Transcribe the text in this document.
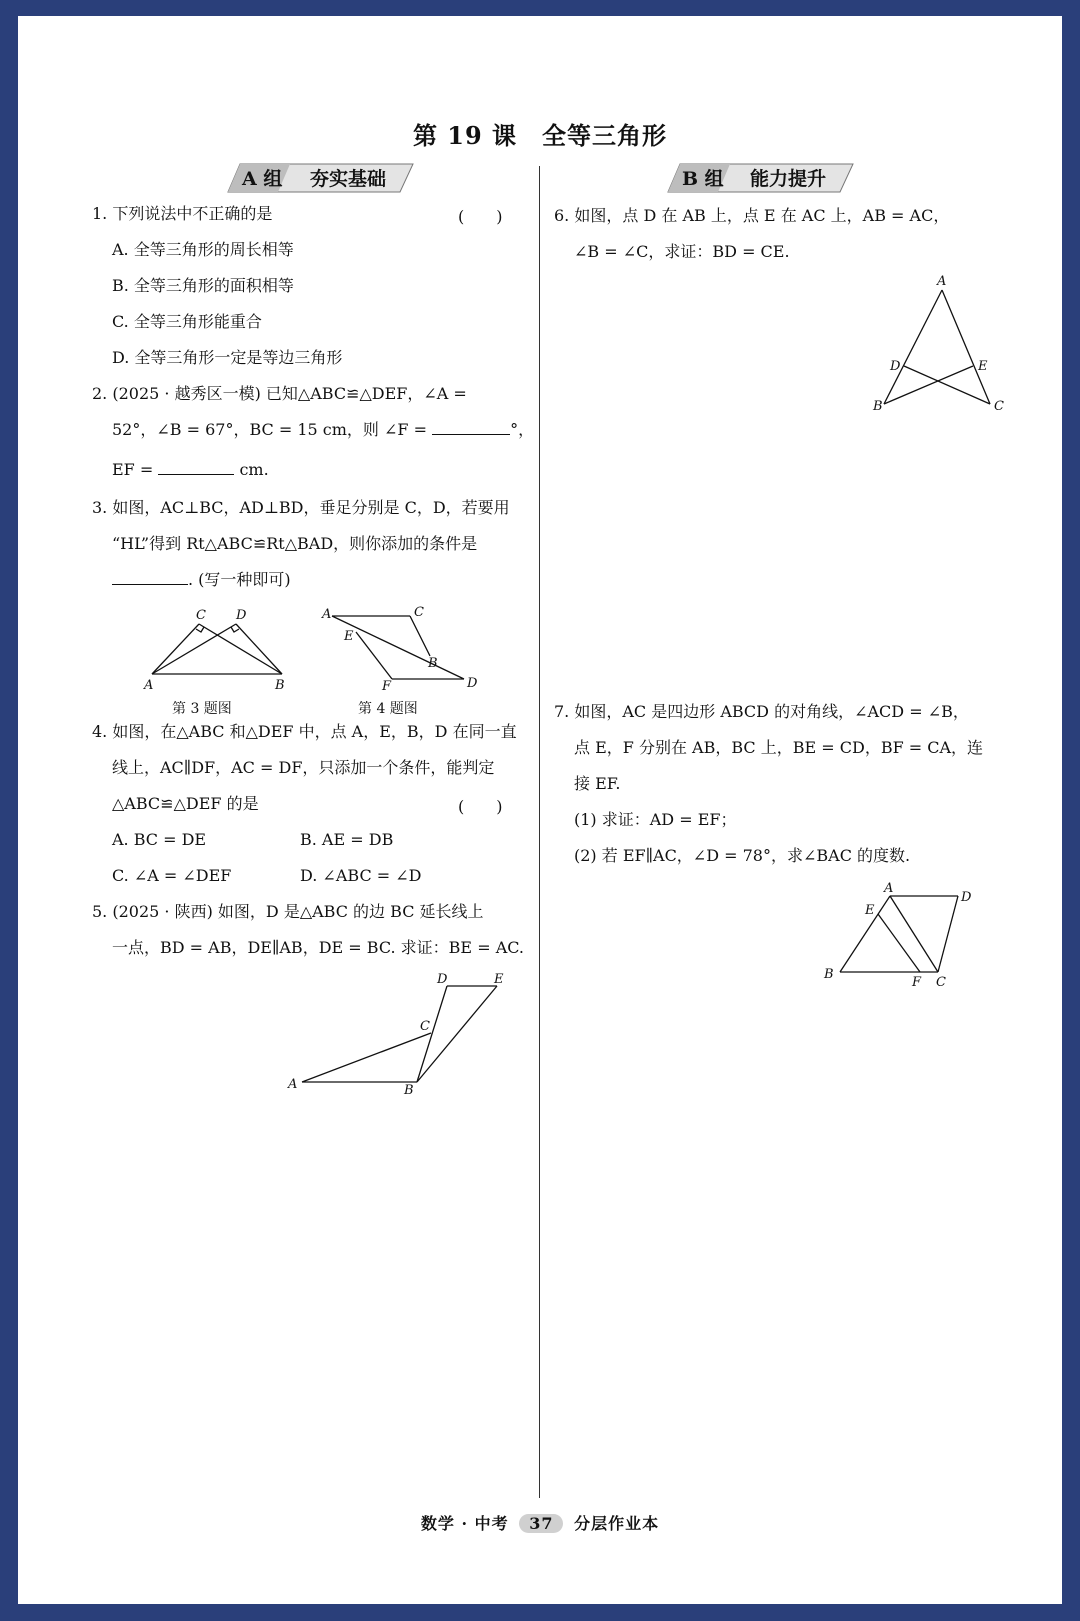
第 19 课　全等三角形
A 组 夯实基础	B 组 能力提升
1. 下列说法中不正确的是	(　　)
A. 全等三角形的周长相等
B. 全等三角形的面积相等
C. 全等三角形能重合
D. 全等三角形一定是等边三角形
2. (2025 · 越秀区一模) 已知△ABC≌△DEF，∠A =
52°，∠B = 67°，BC = 15 cm，则 ∠F =	°，
EF =	cm.
3. 如图，AC⊥BC，AD⊥BD，垂足分别是 C，D，若要用
“HL”得到 Rt△ABC≌Rt△BAD，则你添加的条件是
. (写一种即可)
A	B
C D
第 3 题图
A	C
E
B
F	D
第 4 题图
4. 如图，在△ABC 和△DEF 中，点 A，E，B，D 在同一直
线上，AC∥DF，AC = DF，只添加一个条件，能判定
△ABC≌△DEF 的是	(　　)
A. BC = DE	B. AE = DB
C. ∠A = ∠DEF	D. ∠ABC = ∠D
5. (2025 · 陕西) 如图，D 是△ABC 的边 BC 延长线上
一点，BD = AB，DE∥AB，DE = BC. 求证：BE = AC.
A	B
C
D	E
6. 如图，点 D 在 AB 上，点 E 在 AC 上，AB = AC，
∠B = ∠C，求证：BD = CE.
A
B	C
D	E
7. 如图，AC 是四边形 ABCD 的对角线，∠ACD = ∠B，
点 E，F 分别在 AB，BC 上，BE = CD，BF = CA，连
接 EF.
(1) 求证：AD = EF；
(2) 若 EF∥AC，∠D = 78°，求∠BAC 的度数.
A
B
C
D
E
F
数学 · 中考 37 分层作业本
